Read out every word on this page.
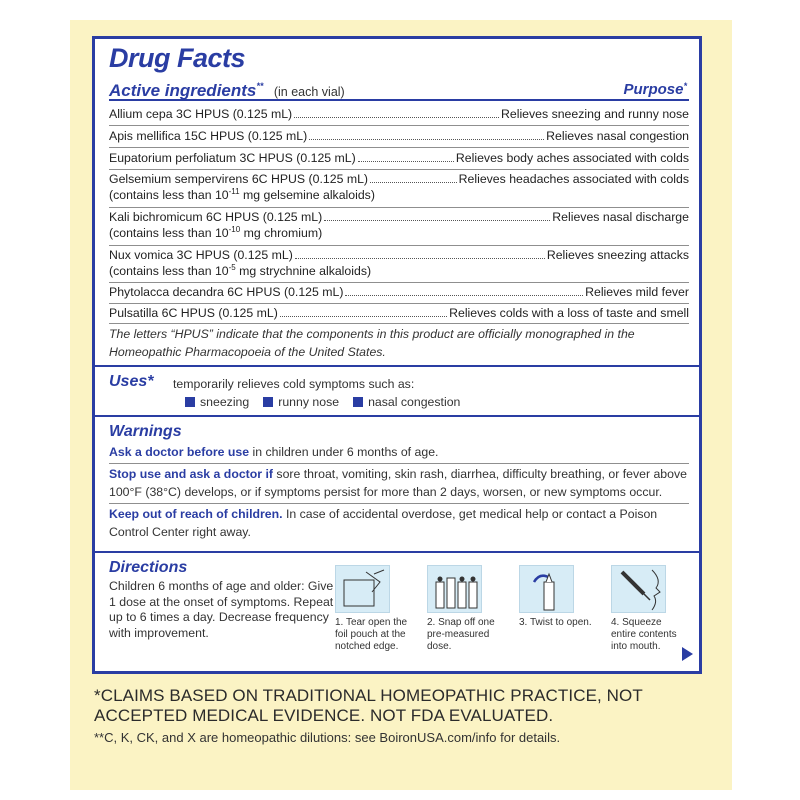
Drug Facts
Active ingredients** (in each vial)	Purpose*
Allium cepa 3C HPUS (0.125 mL)	Relieves sneezing and runny nose
Apis mellifica 15C HPUS (0.125 mL)	Relieves nasal congestion
Eupatorium perfoliatum 3C HPUS (0.125 mL)	Relieves body aches associated with colds
Gelsemium sempervirens 6C HPUS (0.125 mL)	Relieves headaches associated with colds
(contains less than $10^{-11}$ mg gelsemine alkaloids)
Kali bichromicum 6C HPUS (0.125 mL)	Relieves nasal discharge
(contains less than $10^{-10}$ mg chromium)
Nux vomica 3C HPUS (0.125 mL)	Relieves sneezing attacks
(contains less than $10^{-5}$ mg strychnine alkaloids)
Phytolacca decandra 6C HPUS (0.125 mL)	Relieves mild fever
Pulsatilla 6C HPUS (0.125 mL)	Relieves colds with a loss of taste and smell
The letters “HPUS” indicate that the components in this product are officially monographed in the Homeopathic Pharmacopoeia of the United States.
Uses* temporarily relieves cold symptoms such as:
sneezing	runny nose	nasal congestion
Warnings
Ask a doctor before use in children under 6 months of age.
Stop use and ask a doctor if sore throat, vomiting, skin rash, diarrhea, difficulty breathing, or fever above 100°F (38°C) develops, or if symptoms persist for more than 2 days, worsen, or new symptoms occur.
Keep out of reach of children. In case of accidental overdose, get medical help or contact a Poison Control Center right away.
Directions
Children 6 months of age and older: Give 1 dose at the onset of symptoms. Repeat up to 6 times a day. Decrease frequency with improvement.
1. Tear open the foil pouch at the notched edge.
2. Snap off one pre-measured dose.
3. Twist to open.	4. Squeeze entire contents into mouth.
*CLAIMS BASED ON TRADITIONAL HOMEOPATHIC PRACTICE, NOT ACCEPTED MEDICAL EVIDENCE. NOT FDA EVALUATED.
**C, K, CK, and X are homeopathic dilutions: see BoironUSA.com/info for details.
